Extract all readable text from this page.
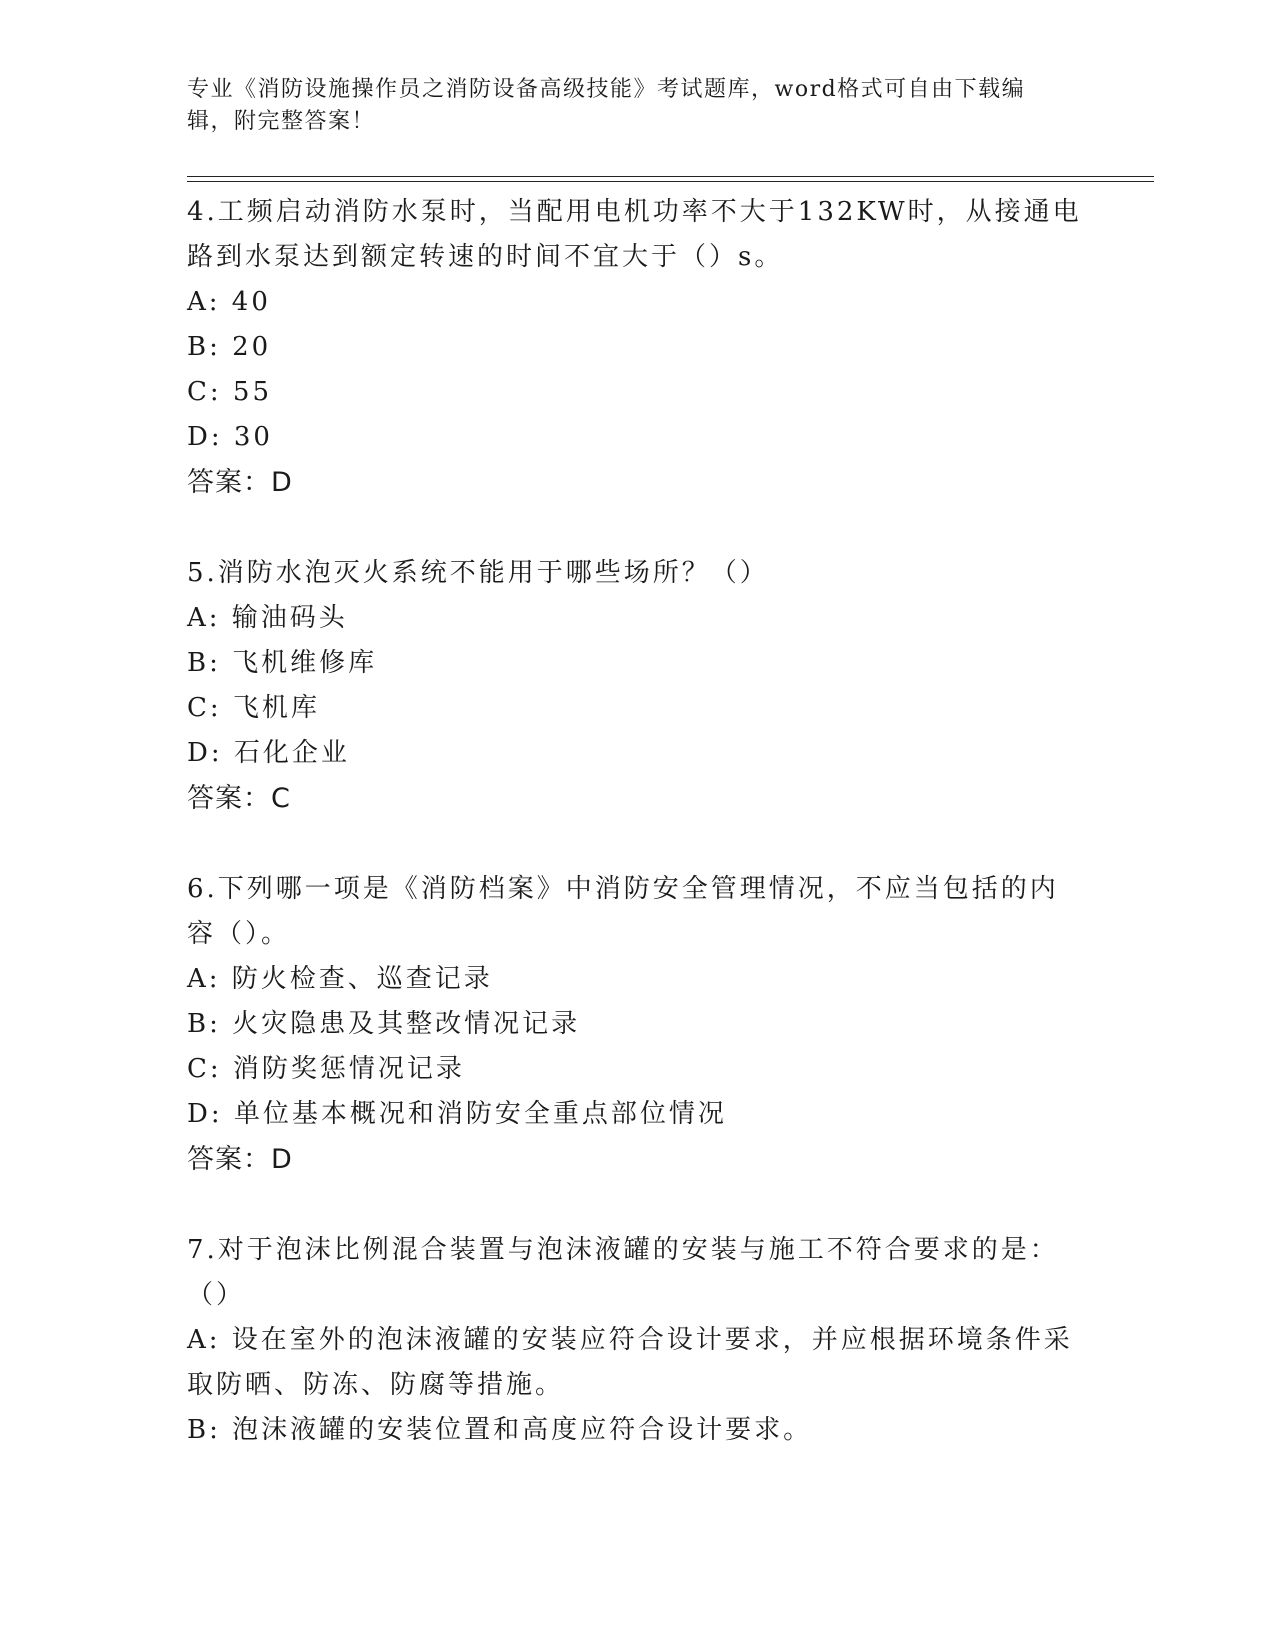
专业《消防设施操作员之消防设备高级技能》考试题库，word格式可自由下载编辑，附完整答案！
4.工频启动消防水泵时，当配用电机功率不大于132KW时，从接通电路到水泵达到额定转速的时间不宜大于（）s。
A: 40
B: 20
C: 55
D: 30
答案：D
5.消防水泡灭火系统不能用于哪些场所？（）
A: 输油码头
B: 飞机维修库
C: 飞机库
D: 石化企业
答案：C
6.下列哪一项是《消防档案》中消防安全管理情况，不应当包括的内容（）。
A: 防火检查、巡查记录
B: 火灾隐患及其整改情况记录
C: 消防奖惩情况记录
D: 单位基本概况和消防安全重点部位情况
答案：D
7.对于泡沫比例混合装置与泡沫液罐的安装与施工不符合要求的是：（）
A: 设在室外的泡沫液罐的安装应符合设计要求，并应根据环境条件采取防晒、防冻、防腐等措施。
B: 泡沫液罐的安装位置和高度应符合设计要求。
